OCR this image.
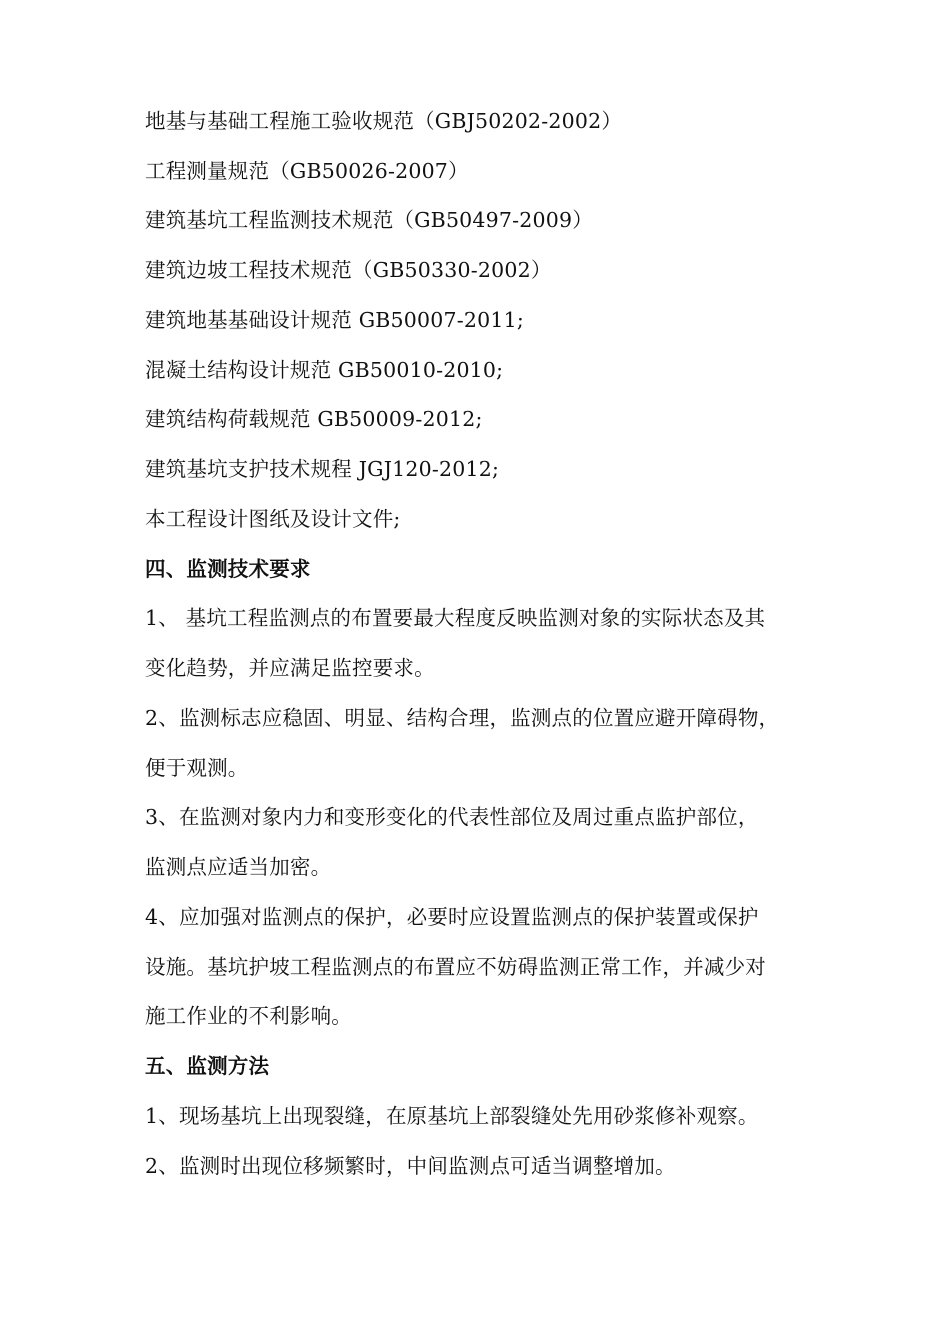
地基与基础工程施工验收规范（GBJ50202-2002）
工程测量规范（GB50026-2007）
建筑基坑工程监测技术规范（GB50497-2009）
建筑边坡工程技术规范（GB50330-2002）
建筑地基基础设计规范 GB50007-2011;
混凝土结构设计规范 GB50010-2010;
建筑结构荷载规范 GB50009-2012;
建筑基坑支护技术规程 JGJ120-2012;
本工程设计图纸及设计文件;
四、监测技术要求
1、 基坑工程监测点的布置要最大程度反映监测对象的实际状态及其
变化趋势，并应满足监控要求。
2、监测标志应稳固、明显、结构合理，监测点的位置应避开障碍物，
便于观测。
3、在监测对象内力和变形变化的代表性部位及周过重点监护部位，
监测点应适当加密。
4、应加强对监测点的保护，必要时应设置监测点的保护装置或保护
设施。基坑护坡工程监测点的布置应不妨碍监测正常工作，并减少对
施工作业的不利影响。
五、监测方法
1、现场基坑上出现裂缝，在原基坑上部裂缝处先用砂浆修补观察。
2、监测时出现位移频繁时，中间监测点可适当调整增加。
